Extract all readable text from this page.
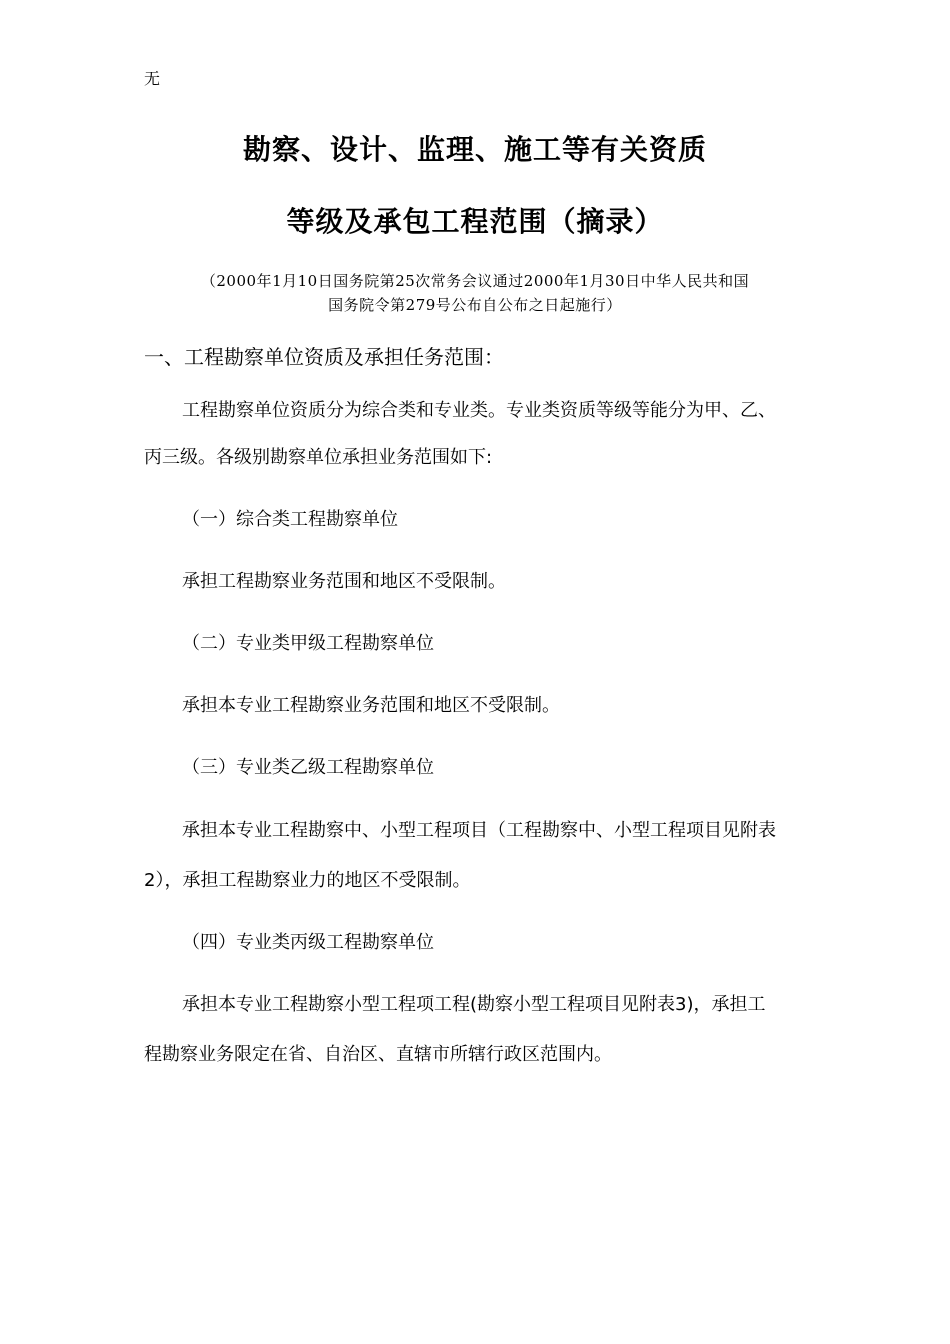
无
勘察、设计、监理、施工等有关资质
等级及承包工程范围（摘录）
（2000年1月10日国务院第25次常务会议通过2000年1月30日中华人民共和国
国务院令第279号公布自公布之日起施行）
一、工程勘察单位资质及承担任务范围：
工程勘察单位资质分为综合类和专业类。专业类资质等级等能分为甲、乙、
丙三级。各级别勘察单位承担业务范围如下:
（一）综合类工程勘察单位
承担工程勘察业务范围和地区不受限制。
（二）专业类甲级工程勘察单位
承担本专业工程勘察业务范围和地区不受限制。
（三）专业类乙级工程勘察单位
承担本专业工程勘察中、小型工程项目（工程勘察中、小型工程项目见附表
2），承担工程勘察业力的地区不受限制。
（四）专业类丙级工程勘察单位
承担本专业工程勘察小型工程项工程(勘察小型工程项目见附表3)，承担工
程勘察业务限定在省、自治区、直辖市所辖行政区范围内。
